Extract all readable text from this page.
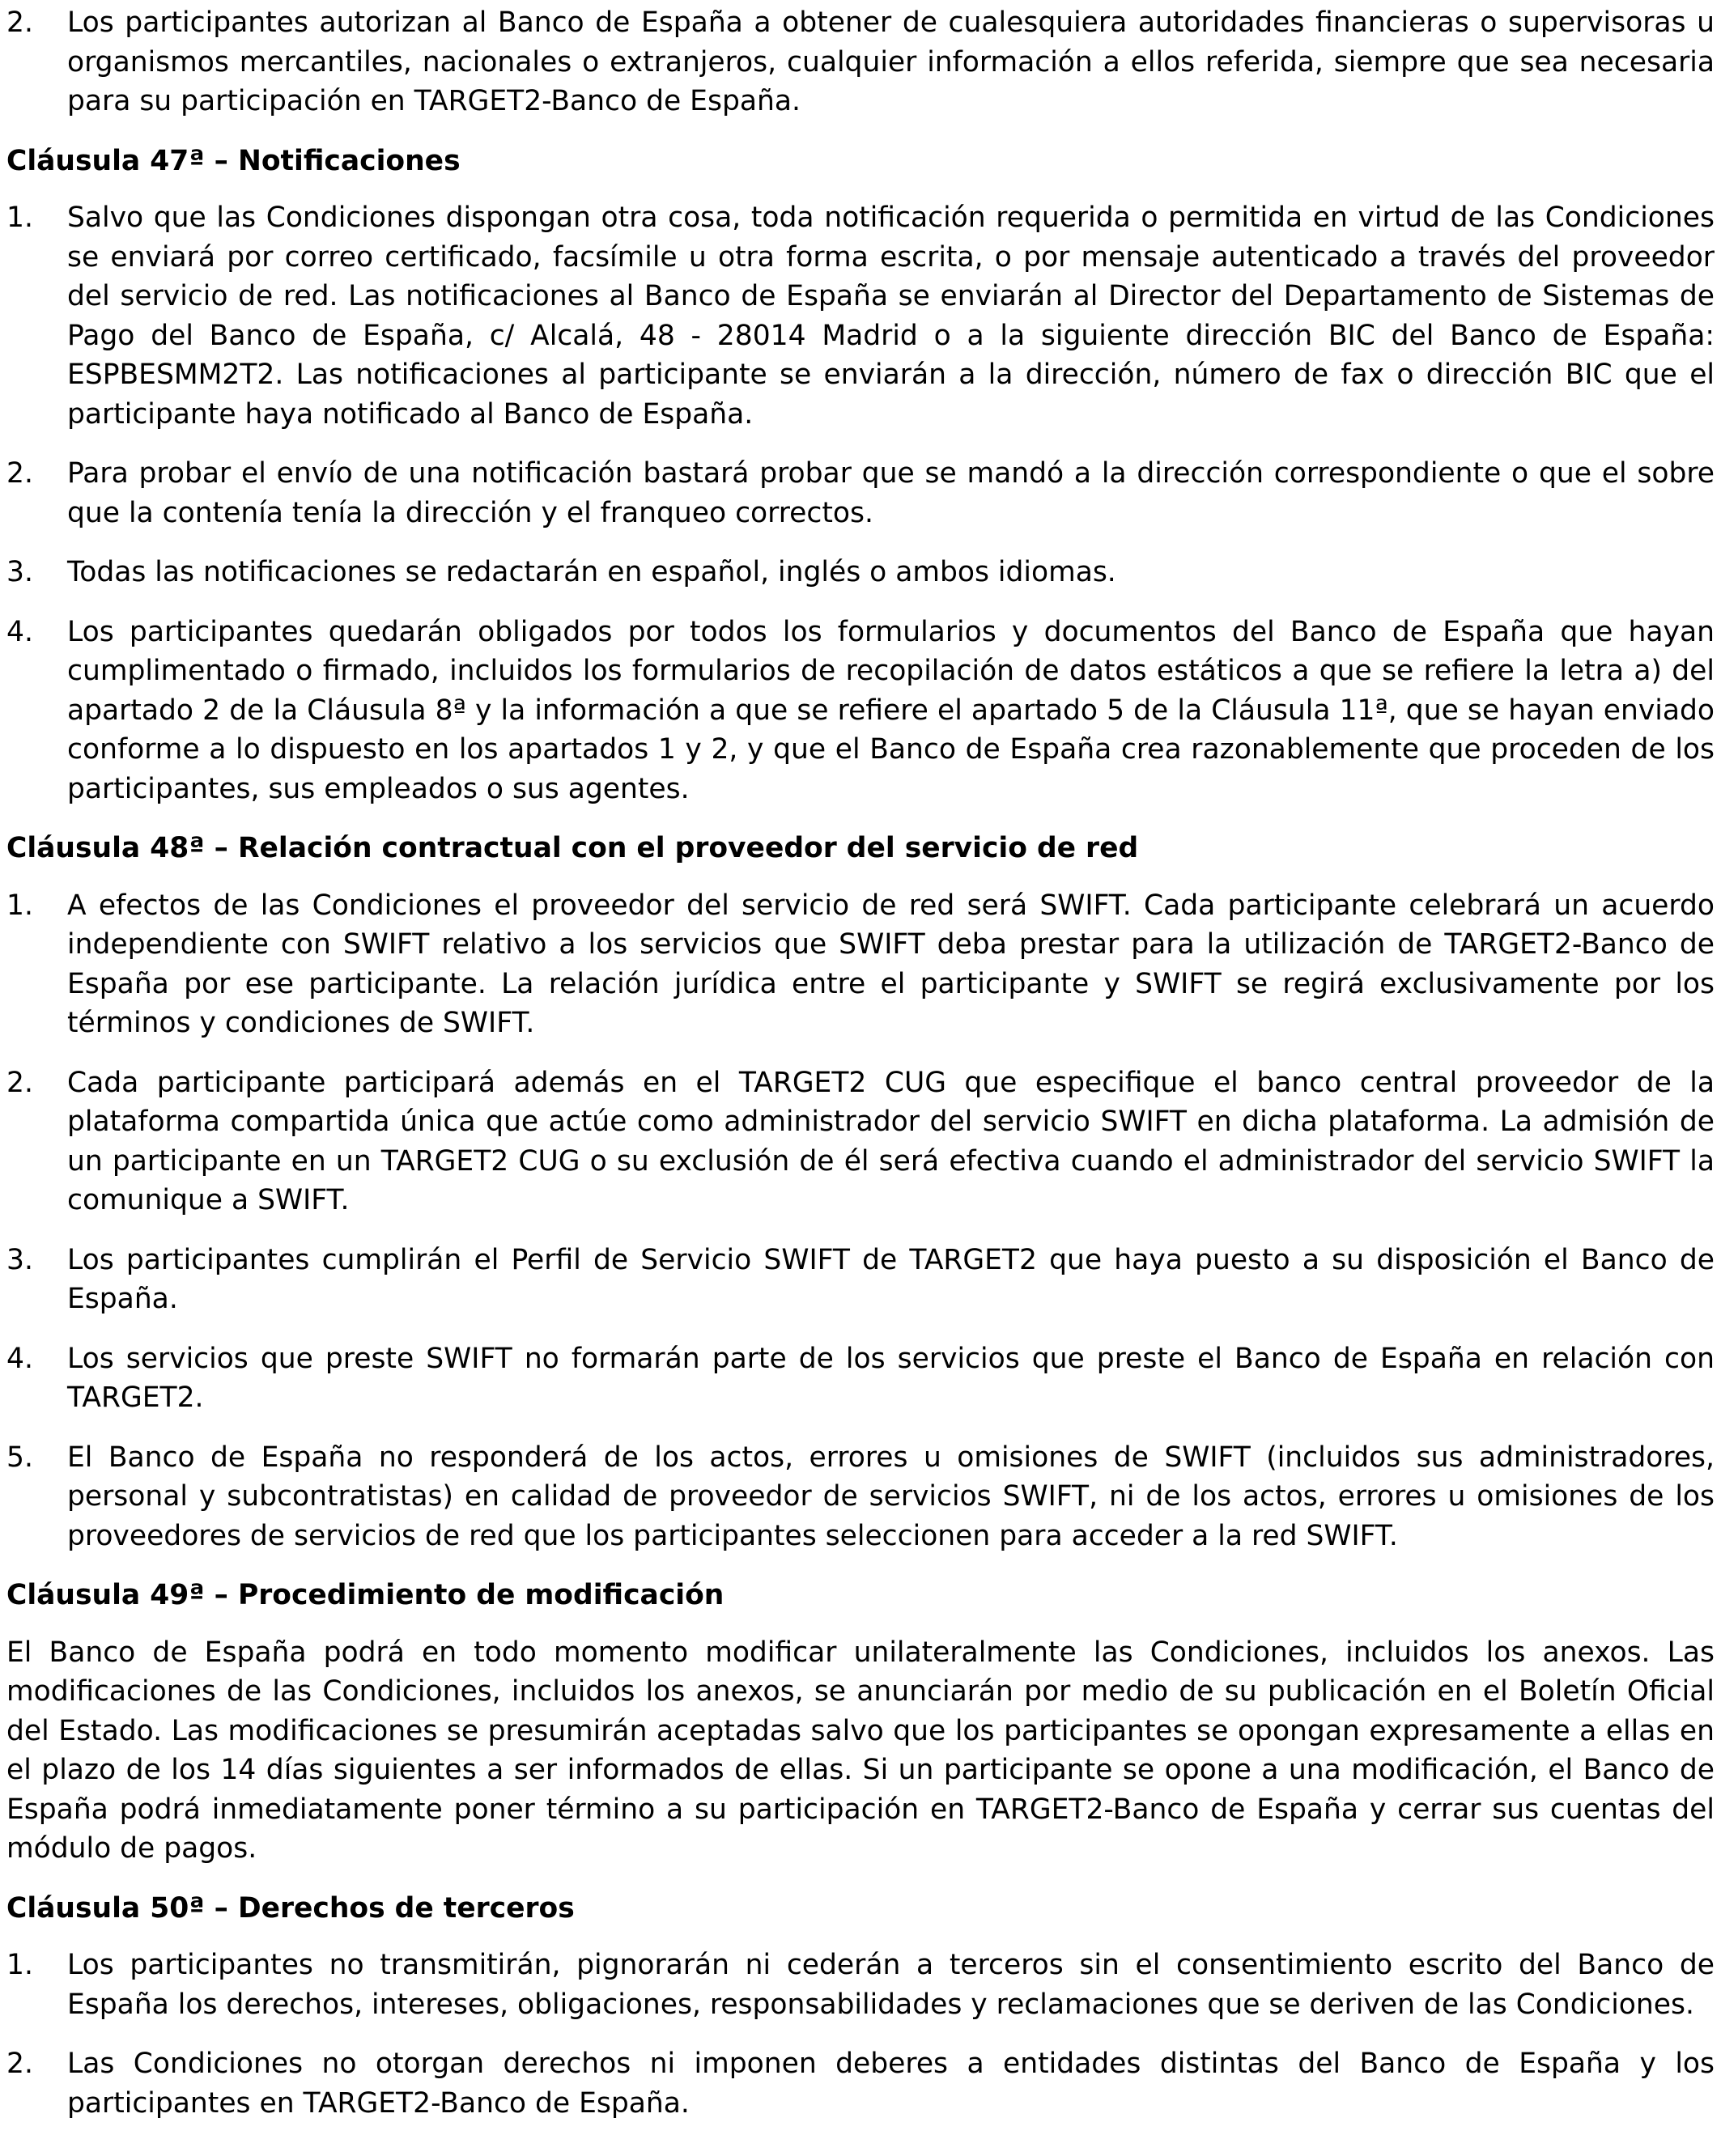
2.	Los participantes autorizan al Banco de España a obtener de cualesquiera autoridades financieras o supervisoras u organismos mercantiles, nacionales o extranjeros, cualquier información a ellos referida, siempre que sea necesaria para su participación en TARGET2-Banco de España.
Cláusula 47ª – Notificaciones
1.	Salvo que las Condiciones dispongan otra cosa, toda notificación requerida o permitida en virtud de las Condiciones se enviará por correo certificado, facsímile u otra forma escrita, o por mensaje autenticado a través del proveedor del servicio de red. Las notificaciones al Banco de España se enviarán al Director del Departamento de Sistemas de Pago del Banco de España, c/ Alcalá, 48 - 28014 Madrid o a la siguiente dirección BIC del Banco de España: ESPBESMM2T2. Las notificaciones al participante se enviarán a la dirección, número de fax o dirección BIC que el participante haya notificado al Banco de España.
2.	Para probar el envío de una notificación bastará probar que se mandó a la dirección correspondiente o que el sobre que la contenía tenía la dirección y el franqueo correctos.
3.	Todas las notificaciones se redactarán en español, inglés o ambos idiomas.
4.	Los participantes quedarán obligados por todos los formularios y documentos del Banco de España que hayan cumplimentado o firmado, incluidos los formularios de recopilación de datos estáticos a que se refiere la letra a) del apartado 2 de la Cláusula 8ª y la información a que se refiere el apartado 5 de la Cláusula 11ª, que se hayan enviado conforme a lo dispuesto en los apartados 1 y 2, y que el Banco de España crea razonablemente que proceden de los participantes, sus empleados o sus agentes.
Cláusula 48ª – Relación contractual con el proveedor del servicio de red
1.	A efectos de las Condiciones el proveedor del servicio de red será SWIFT. Cada participante celebrará un acuerdo independiente con SWIFT relativo a los servicios que SWIFT deba prestar para la utilización de TARGET2-Banco de España por ese participante. La relación jurídica entre el participante y SWIFT se regirá exclusivamente por los términos y condiciones de SWIFT.
2.	Cada participante participará además en el TARGET2 CUG que especifique el banco central proveedor de la plataforma compartida única que actúe como administrador del servicio SWIFT en dicha plataforma. La admisión de un participante en un TARGET2 CUG o su exclusión de él será efectiva cuando el administrador del servicio SWIFT la comunique a SWIFT.
3.	Los participantes cumplirán el Perfil de Servicio SWIFT de TARGET2 que haya puesto a su disposición el Banco de España.
4.	Los servicios que preste SWIFT no formarán parte de los servicios que preste el Banco de España en relación con TARGET2.
5.	El Banco de España no responderá de los actos, errores u omisiones de SWIFT (incluidos sus administradores, personal y subcontratistas) en calidad de proveedor de servicios SWIFT, ni de los actos, errores u omisiones de los proveedores de servicios de red que los participantes seleccionen para acceder a la red SWIFT.
Cláusula 49ª – Procedimiento de modificación
El Banco de España podrá en todo momento modificar unilateralmente las Condiciones, incluidos los anexos. Las modificaciones de las Condiciones, incluidos los anexos, se anunciarán por medio de su publicación en el Boletín Oficial del Estado. Las modificaciones se presumirán aceptadas salvo que los participantes se opongan expresamente a ellas en el plazo de los 14 días siguientes a ser informados de ellas. Si un participante se opone a una modificación, el Banco de España podrá inmediatamente poner término a su participación en TARGET2-Banco de España y cerrar sus cuentas del módulo de pagos.
Cláusula 50ª – Derechos de terceros
1.	Los participantes no transmitirán, pignorarán ni cederán a terceros sin el consentimiento escrito del Banco de España los derechos, intereses, obligaciones, responsabilidades y reclamaciones que se deriven de las Condiciones.
2.	Las Condiciones no otorgan derechos ni imponen deberes a entidades distintas del Banco de España y los participantes en TARGET2-Banco de España.
